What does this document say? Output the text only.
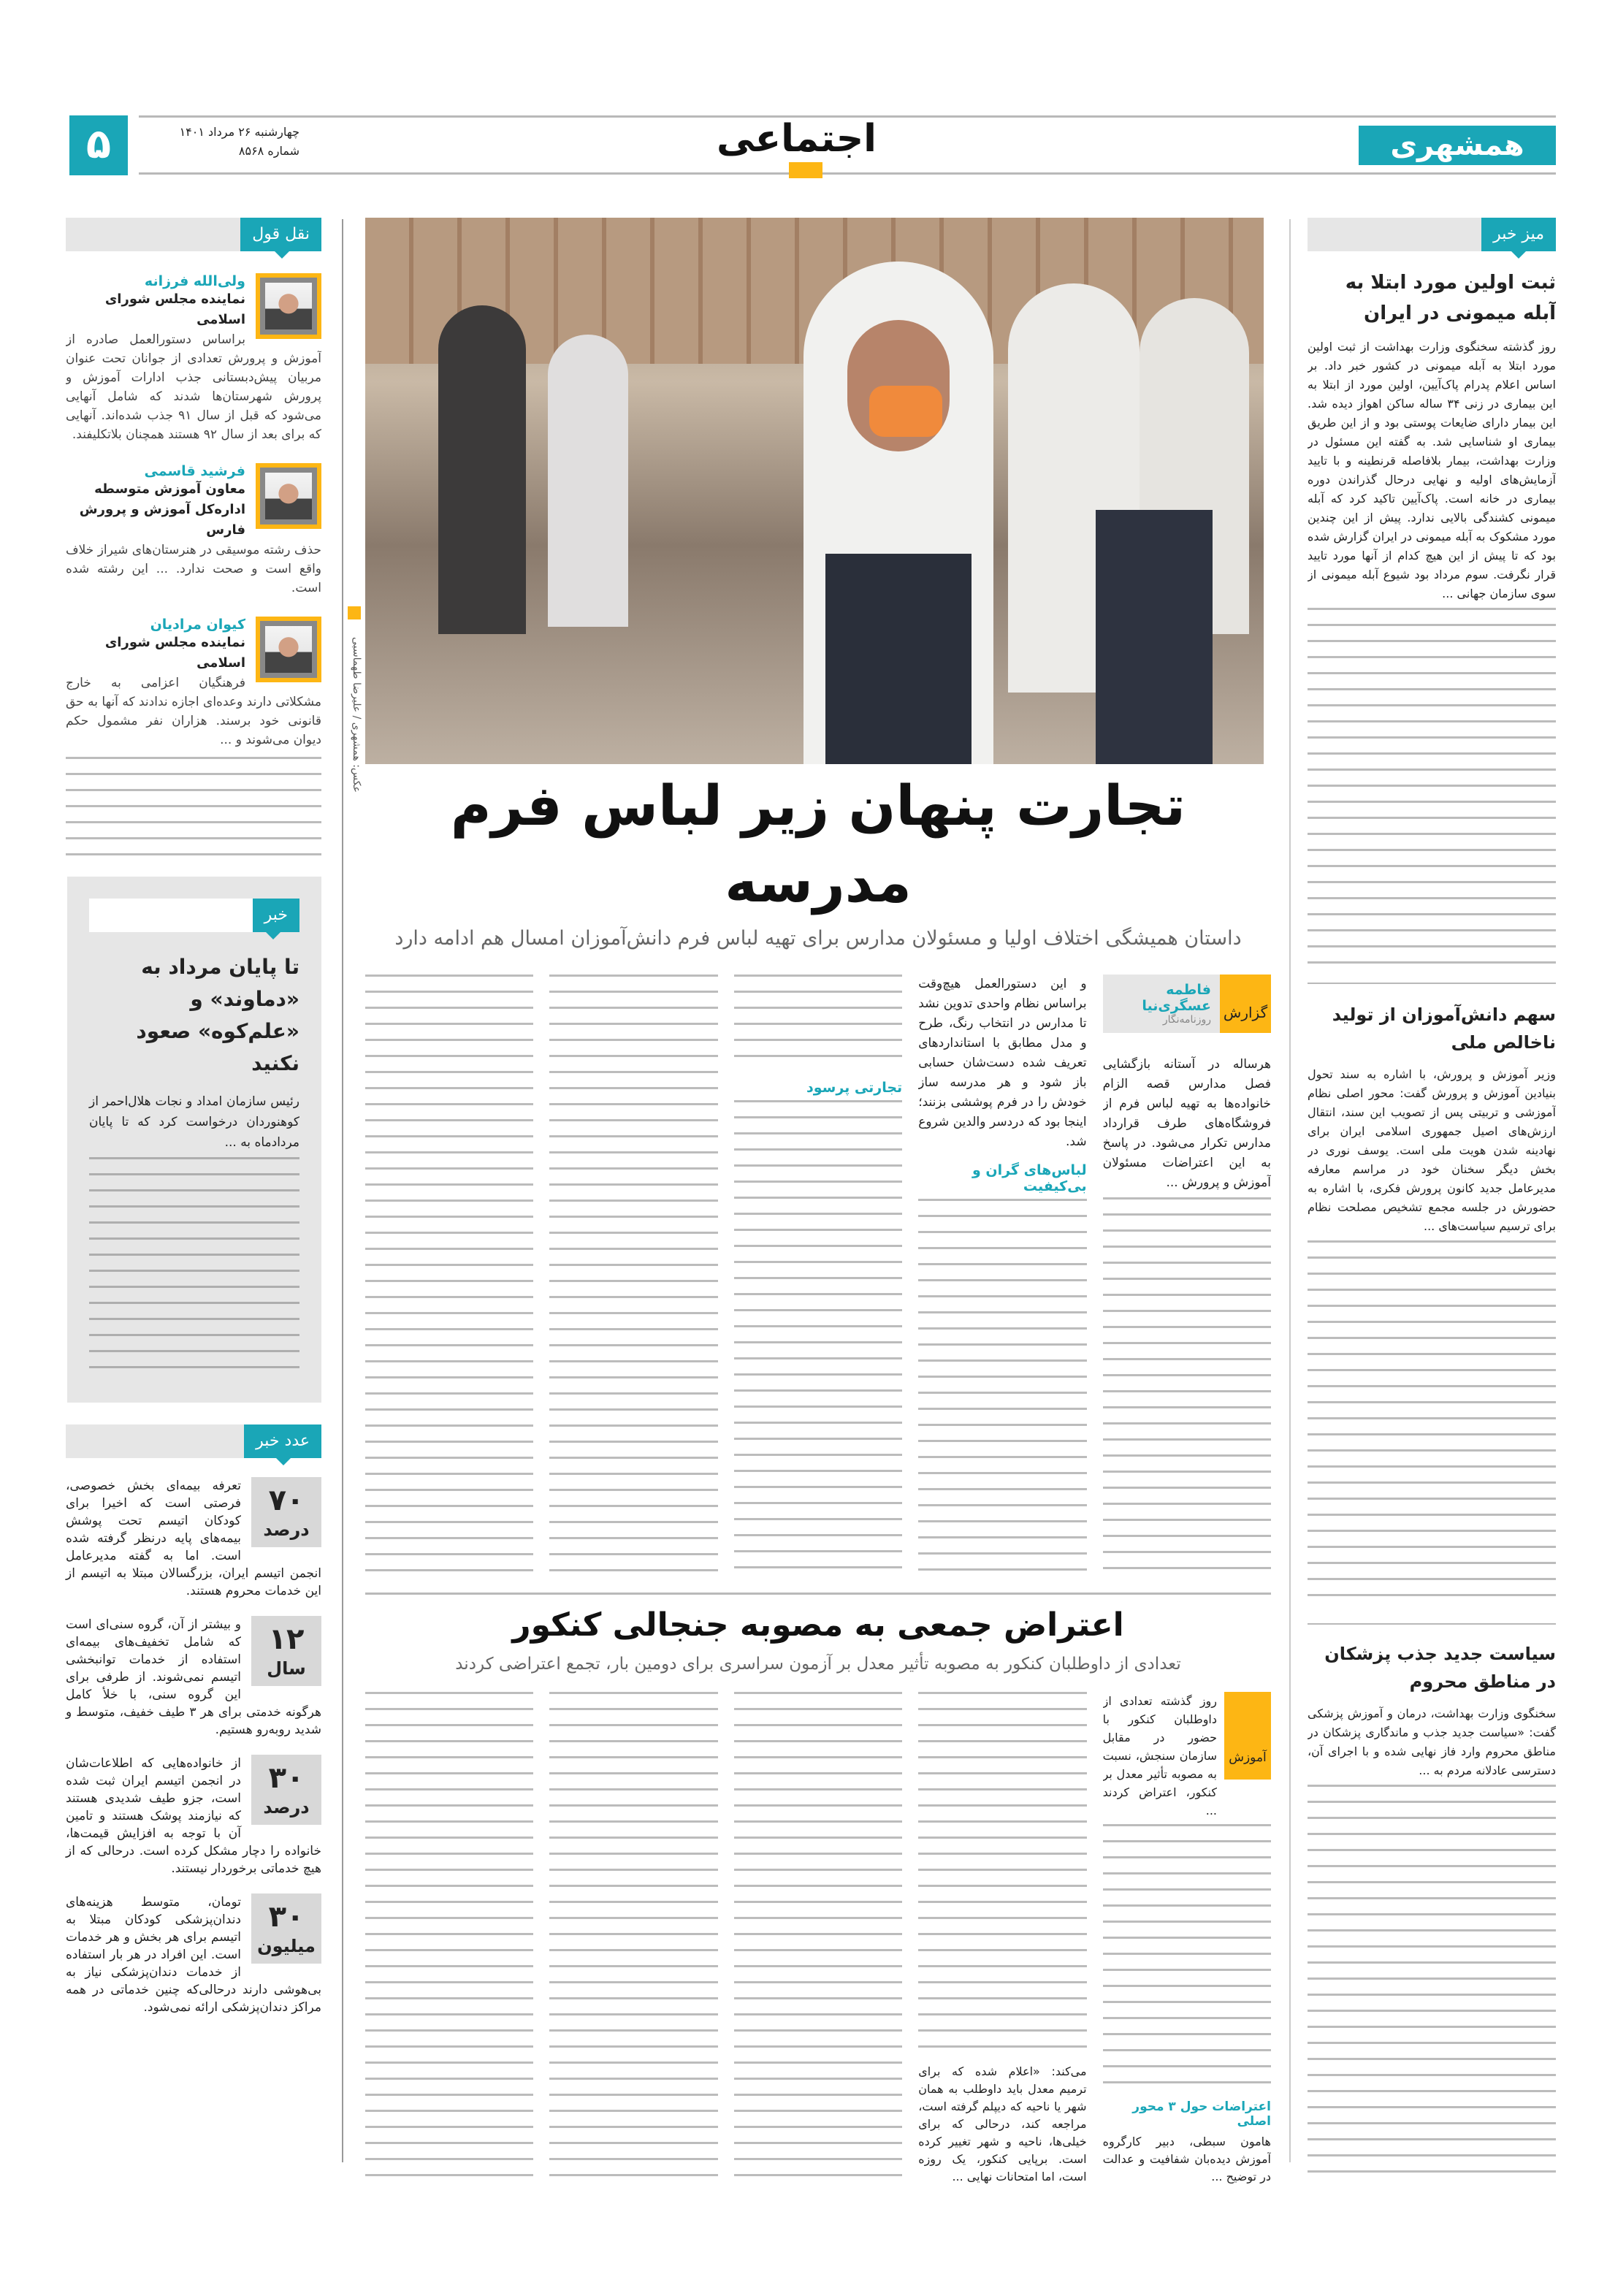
۵	چهارشنبه ۲۶ مرداد ۱۴۰۱
شماره ۸۵۶۸	اجتماعی	همشهری
نقل قول
ولی‌الله فرزانه
نماینده مجلس شورای اسلامی

براساس دستورالعمل صادره از آموزش و پرورش تعدادی از جوانان تحت عنوان مربیان پیش‌دبستانی جذب ادارات آموزش و پرورش شهرستان‌ها شدند که شامل آنهایی می‌شود که قبل از سال ۹۱ جذب شده‌اند. آنهایی که برای بعد از سال ۹۲ هستند همچنان بلاتکلیفند.

فرشید قاسمی
معاون آموزش متوسطه اداره‌کل آموزش و پرورش فارس

حذف رشته موسیقی در هنرستان‌های شیراز خلاف واقع است و صحت ندارد. ... این رشته شده است.

کیوان مرادیان
نماینده مجلس شورای اسلامی

فرهنگیان اعزامی به خارج مشکلاتی دارند وعده‌ای اجازه ندادند که آنها به حق قانونی خود برسند. هزاران نفر مشمول حکم دیوان می‌شوند و ...

خبر
تا پایان مرداد به «دماوند» و «علم‌کوه» صعود نکنید

رئیس سازمان امداد و نجات هلال‌احمر از کوهنوردان درخواست کرد که تا پایان مردادماه به ...

عدد خبر
۷۰
درصد

تعرفه بیمه‌ای بخش خصوصی، فرصتی است که اخیرا برای کودکان اتیسم تحت پوشش بیمه‌های پایه درنظر گرفته شده است. اما به گفته مدیرعامل انجمن اتیسم ایران، بزرگسالان مبتلا به اتیسم از این خدمات محروم هستند.

۱۲
سال

و بیشتر از آن، گروه سنی‌ای است که شامل تخفیف‌های بیمه‌ای استفاده از خدمات توانبخشی اتیسم نمی‌شوند. از طرفی برای این گروه سنی، با خلأ کامل هرگونه خدمتی برای هر ۳ طیف خفیف، متوسط و شدید روبه‌رو هستیم.

۳۰
درصد

از خانواده‌هایی که اطلاعات‌شان در انجمن اتیسم ایران ثبت شده است، جزو طیف شدیدی هستند که نیازمند پوشک هستند و تامین آن با توجه به افزایش قیمت‌ها، خانواده را دچار مشکل کرده است. درحالی که از هیچ خدماتی برخوردار نیستند.

۳۰
میلیون

تومان، متوسط هزینه‌های دندان‌پزشکی کودکان مبتلا به اتیسم برای هر بخش و هر خدمات است. این افراد در هر بار استفاده از خدمات دندان‌پزشکی نیاز به بی‌هوشی دارند درحالی‌که چنین خدماتی در همه مراکز دندان‌پزشکی ارائه نمی‌شود.

عکس: همشهری / علیرضا طهماسبی
تجارت پنهان زیر لباس فرم مدرسه
داستان همیشگی اختلاف اولیا و مسئولان مدارس برای تهیه لباس فرم دانش‌آموزان امسال هم ادامه دارد
گزارش
فاطمه عسگری‌نیا
روزنامه‌نگار

هرساله در آستانه بازگشایی فصل مدارس قصه الزام خانواده‌ها به تهیه لباس فرم از فروشگاه‌های طرف قرارداد مدارس تکرار می‌شود. در پاسخ به این اعتراضات مسئولان آموزش و پرورش ...

و این دستورالعمل هیچ‌وقت براساس نظام واحدی تدوین نشد تا مدارس در انتخاب رنگ، طرح و مدل مطابق با استانداردهای تعریف شده دست‌شان حسابی باز شود و هر مدرسه ساز خودش را در فرم پوششی بزنند؛ اینجا بود که دردسر والدین شروع شد.

لباس‌های گران و بی‌کیفیت
تجارتی پرسود
اعتراض جمعی به مصوبه جنجالی کنکور
تعدادی از داوطلبان کنکور به مصوبه تأثیر معدل بر آزمون سراسری برای دومین بار، تجمع اعتراضی کردند
آموزش

روز گذشته تعدادی از داوطلبان کنکور با حضور در مقابل سازمان سنجش، نسبت به مصوبه تأثیر معدل بر کنکور، اعتراض کردند ...

اعتراضات حول ۳ محور اصلی

هامون سبطی، دبیر کارگروه آموزش دیده‌بان شفافیت و عدالت در توضیح ...

می‌کند: «اعلام شده که برای ترمیم معدل باید داوطلب به همان شهر یا ناحیه که دیپلم گرفته است، مراجعه کند، درحالی که برای خیلی‌ها، ناحیه و شهر تغییر کرده است. برپایی کنکور، یک روزه است، اما امتحانات نهایی ...

میز خبر
ثبت اولین مورد ابتلا به آبله میمونی در ایران

روز گذشته سخنگوی وزارت بهداشت از ثبت اولین مورد ابتلا به آبله میمونی در کشور خبر داد. بر اساس اعلام پدرام پاک‌آیین، اولین مورد از ابتلا به این بیماری در زنی ۳۴ ساله ساکن اهواز دیده شد. این بیمار دارای ضایعات پوستی بود و از این طریق بیماری او شناسایی شد. به گفته این مسئول در وزارت بهداشت، بیمار بلافاصله قرنطینه و با تایید آزمایش‌های اولیه و نهایی درحال گذراندن دوره بیماری در خانه است. پاک‌آیین تاکید کرد که آبله میمونی کشندگی بالایی ندارد. پیش از این چندین مورد مشکوک به آبله میمونی در ایران گزارش شده بود که تا پیش از این هیچ کدام از آنها مورد تایید قرار نگرفت. سوم مرداد بود شیوع آبله میمونی از سوی سازمان جهانی ...

سهم دانش‌آموزان از تولید ناخالص ملی

وزیر آموزش و پرورش، با اشاره به سند تحول بنیادین آموزش و پرورش گفت: محور اصلی نظام آموزشی و تربیتی پس از تصویب این سند، انتقال ارزش‌های اصیل جمهوری اسلامی ایران برای نهادینه شدن هویت ملی است. یوسف نوری در بخش دیگر سخنان خود در مراسم معارفه مدیرعامل جدید کانون پرورش فکری، با اشاره به حضورش در جلسه مجمع تشخیص مصلحت نظام برای ترسیم سیاست‌های ...

سیاست جدید جذب پزشکان در مناطق محروم

سخنگوی وزارت بهداشت، درمان و آموزش پزشکی گفت: «سیاست جدید جذب و ماندگاری پزشکان در مناطق محروم وارد فاز نهایی شده و با اجرای آن، دسترسی عادلانه مردم به ...
